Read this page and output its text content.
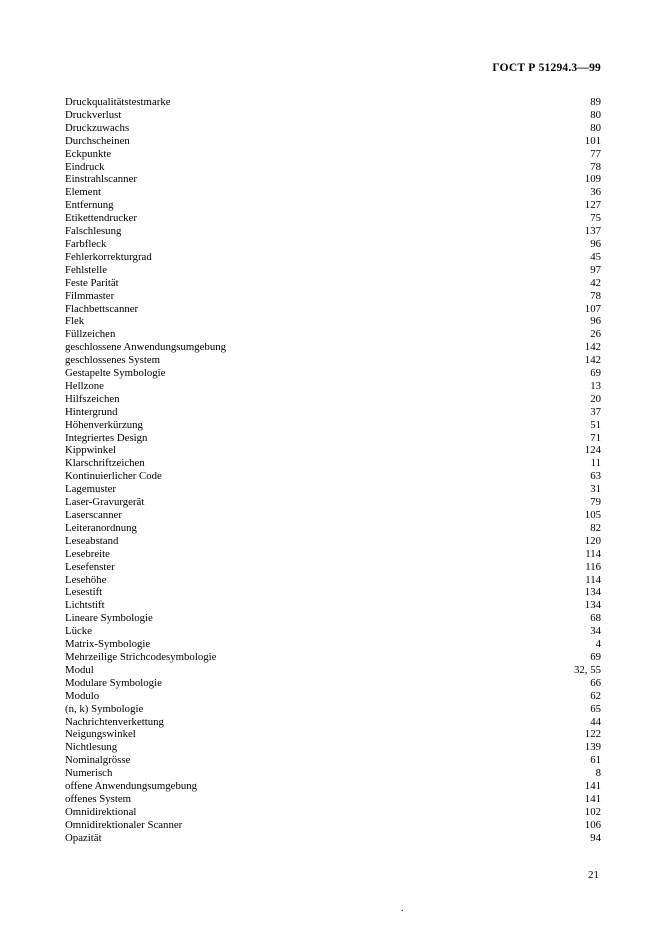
ГОСТ Р 51294.3—99
Druckqualitätstestmarke	89
Druckverlust	80
Druckzuwachs	80
Durchscheinen	101
Eckpunkte	77
Eindruck	78
Einstrahlscanner	109
Element	36
Entfernung	127
Etikettendrucker	75
Falschlesung	137
Farbfleck	96
Fehlerkorrekturgrad	45
Fehlstelle	97
Feste Parität	42
Filmmaster	78
Flachbettscanner	107
Flek	96
Füllzeichen	26
geschlossene Anwendungsumgebung	142
geschlossenes System	142
Gestapelte Symbologie	69
Hellzone	13
Hilfszeichen	20
Hintergrund	37
Höhenverkürzung	51
Integriertes Design	71
Kippwinkel	124
Klarschriftzeichen	11
Kontinuierlicher Code	63
Lagemuster	31
Laser-Gravurgerät	79
Laserscanner	105
Leiteranordnung	82
Leseabstand	120
Lesebreite	114
Lesefenster	116
Lesehöhe	114
Lesestift	134
Lichtstift	134
Lineare Symbologie	68
Lücke	34
Matrix-Symbologie	4
Mehrzeilige Strichcodesymbologie	69
Modul	32, 55
Modulare Symbologie	66
Modulo	62
(n, k) Symbologie	65
Nachrichtenverkettung	44
Neigungswinkel	122
Nichtlesung	139
Nominalgrösse	61
Numerisch	8
offene Anwendungsumgebung	141
offenes System	141
Omnidirektional	102
Omnidirektionaler Scanner	106
Opazität	94
21
.
